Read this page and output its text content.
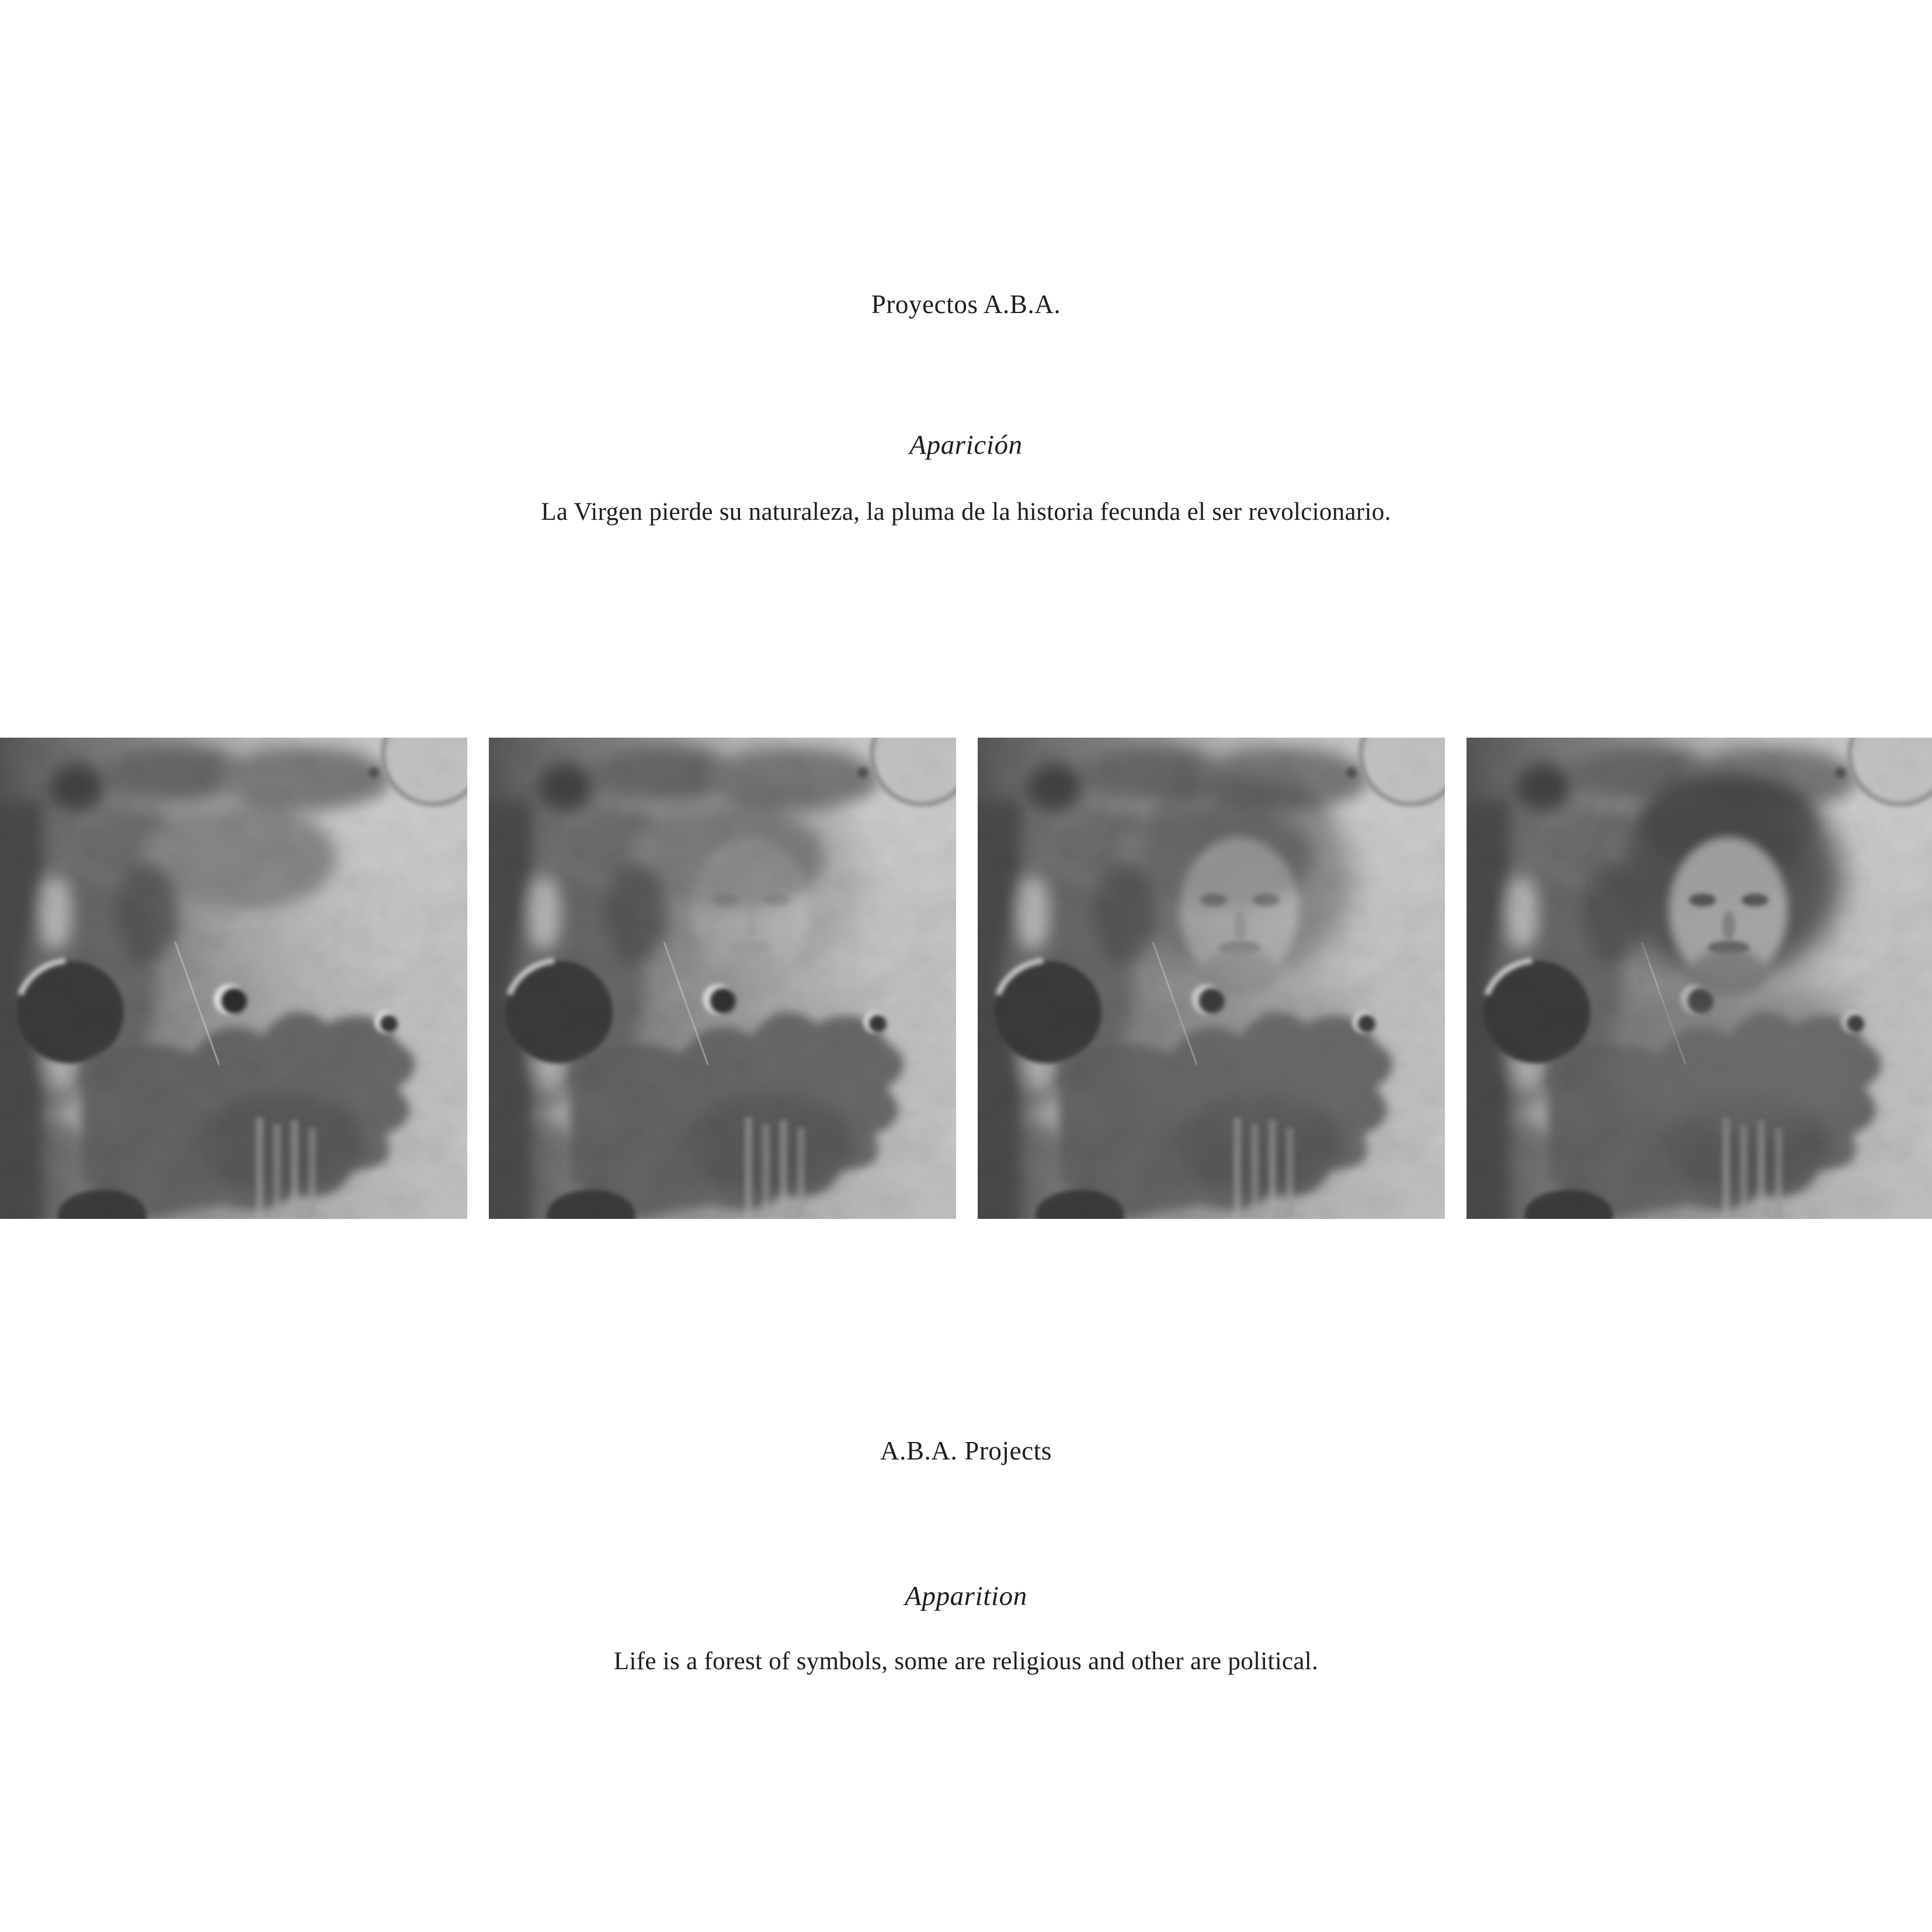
Proyectos A.B.A.
Aparición
La Virgen pierde su naturaleza, la pluma de la historia fecunda el ser revolcionario.
A.B.A. Projects
Apparition
Life is a forest of symbols, some are religious and other are political.
